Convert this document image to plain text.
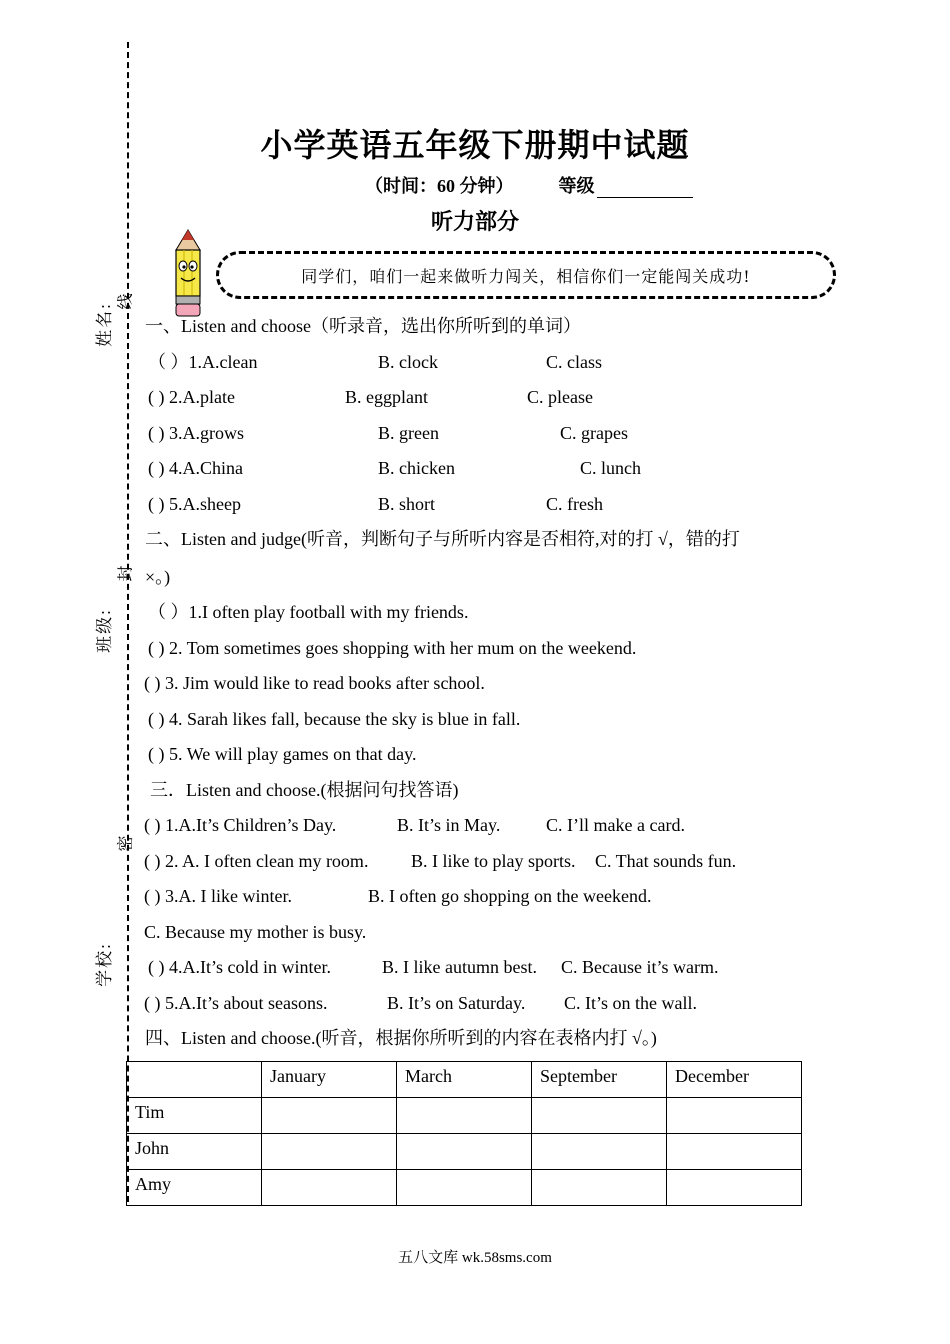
姓名:
班级:
学校:
线
封
密
小学英语五年级下册期中试题
（时间：60 分钟）	等级
听力部分
同学们，咱们一起来做听力闯关，相信你们一定能闯关成功!
一、Listen and choose（听录音，选出你所听到的单词）
（ ）1.A.clean	B. clock	C. class
( ) 2.A.plate	B. eggplant	C. please
( ) 3.A.grows	B. green	C. grapes
( ) 4.A.China	B. chicken	C. lunch
( ) 5.A.sheep	B. short	C. fresh
二、Listen and judge(听音，判断句子与所听内容是否相符,对的打 √，错的打
×。)
（ ）1.I often play football with my friends.
( ) 2. Tom sometimes goes shopping with her mum on the weekend.
( ) 3. Jim would like to read books after school.
( ) 4. Sarah likes fall, because the sky is blue in fall.
( ) 5. We will play games on that day.
三．Listen and choose.(根据问句找答语)
( ) 1.A.It’s Children’s Day.	B. It’s in May.	C. I’ll make a card.
( ) 2. A. I often clean my room. B. I like to play sports. C. That sounds fun.
( ) 3.A. I like winter.	B. I often go shopping on the weekend.
C. Because my mother is busy.
( ) 4.A.It’s cold in winter.	B. I like autumn best. C. Because it’s warm.
( ) 5.A.It’s about seasons.	B. It’s on Saturday. C. It’s on the wall.
四、Listen and choose.(听音，根据你所听到的内容在表格内打 √。)
	January	March	September	December
Tim				
John				
Amy				
五八文库 wk.58sms.com
